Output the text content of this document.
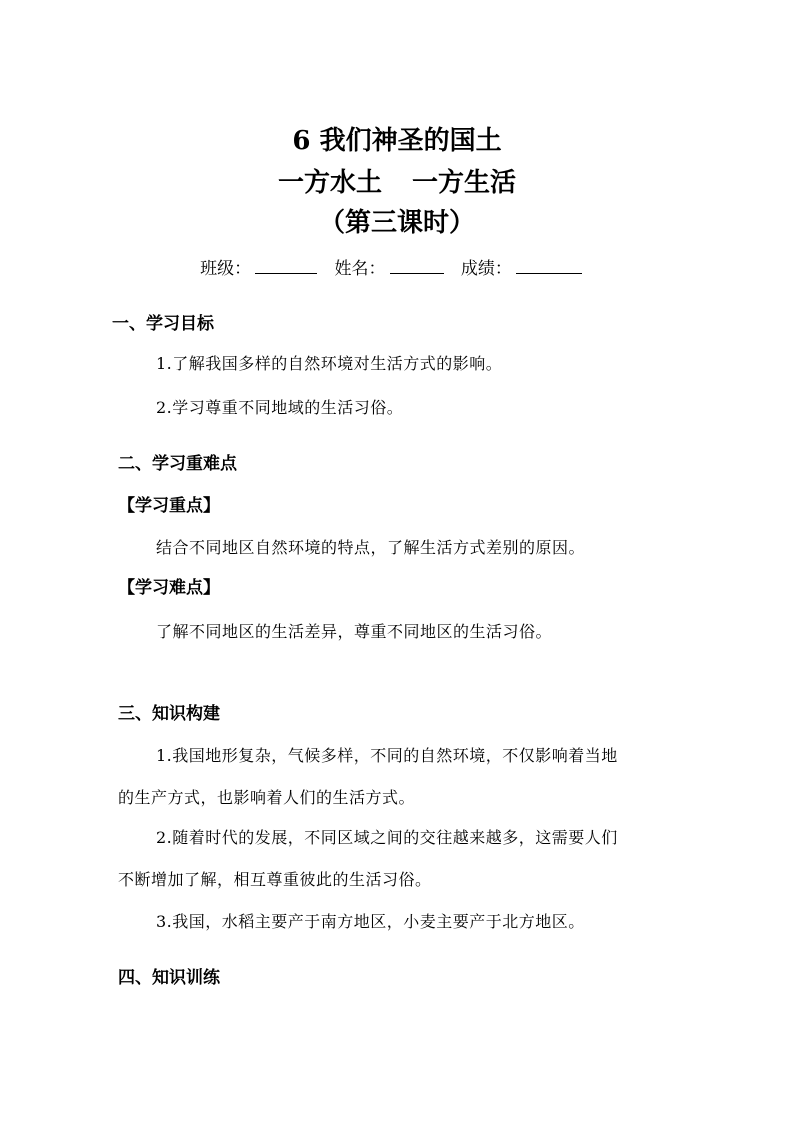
6 我们神圣的国土
一方水土 一方生活
（第三课时）
班级：	姓名：	成绩：
一、学习目标
1.了解我国多样的自然环境对生活方式的影响。
2.学习尊重不同地域的生活习俗。
二、学习重难点
【学习重点】
结合不同地区自然环境的特点，了解生活方式差别的原因。
【学习难点】
了解不同地区的生活差异，尊重不同地区的生活习俗。
三、知识构建
1.我国地形复杂，气候多样，不同的自然环境，不仅影响着当地
的生产方式，也影响着人们的生活方式。
2.随着时代的发展，不同区域之间的交往越来越多，这需要人们
不断增加了解，相互尊重彼此的生活习俗。
3.我国，水稻主要产于南方地区，小麦主要产于北方地区。
四、知识训练
